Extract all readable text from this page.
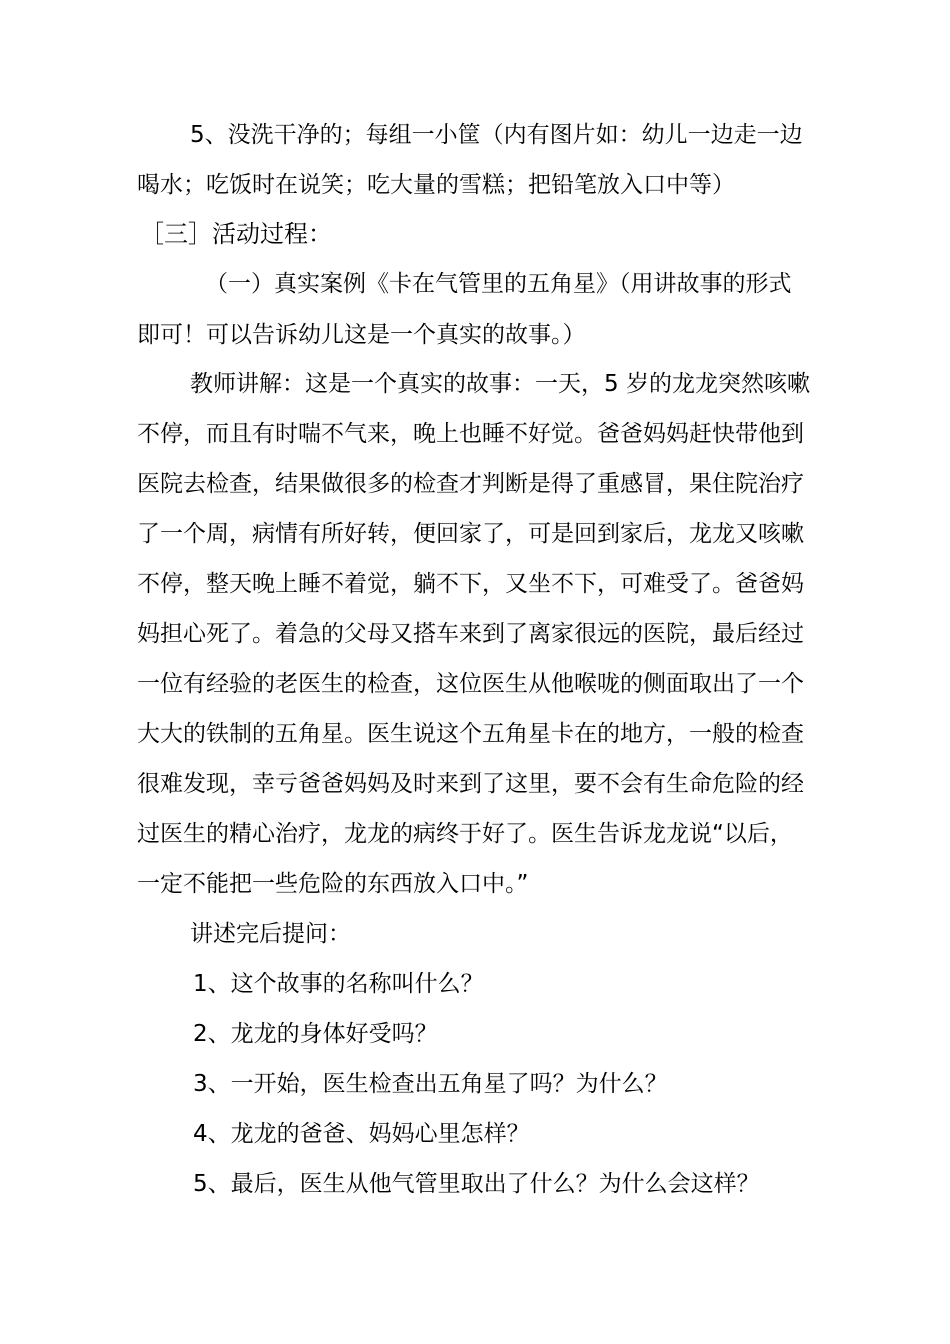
5、没洗干净的；每组一小筐（内有图片如：幼儿一边走一边
喝水；吃饭时在说笑；吃大量的雪糕；把铅笔放入口中等）
［三］活动过程：
（一）真实案例《卡在气管里的五角星》（用讲故事的形式
即可！可以告诉幼儿这是一个真实的故事。）
教师讲解：这是一个真实的故事：一天，5 岁的龙龙突然咳嗽
不停，而且有时喘不气来，晚上也睡不好觉。爸爸妈妈赶快带他到
医院去检查，结果做很多的检查才判断是得了重感冒，果住院治疗
了一个周，病情有所好转，便回家了，可是回到家后，龙龙又咳嗽
不停，整天晚上睡不着觉，躺不下，又坐不下，可难受了。爸爸妈
妈担心死了。着急的父母又搭车来到了离家很远的医院，最后经过
一位有经验的老医生的检查，这位医生从他喉咙的侧面取出了一个
大大的铁制的五角星。医生说这个五角星卡在的地方，一般的检查
很难发现，幸亏爸爸妈妈及时来到了这里，要不会有生命危险的经
过医生的精心治疗，龙龙的病终于好了。医生告诉龙龙说“以后，
一定不能把一些危险的东西放入口中。”
讲述完后提问：
1、这个故事的名称叫什么？
2、龙龙的身体好受吗？
3、一开始，医生检查出五角星了吗？为什么？
4、龙龙的爸爸、妈妈心里怎样？
5、最后，医生从他气管里取出了什么？为什么会这样？
